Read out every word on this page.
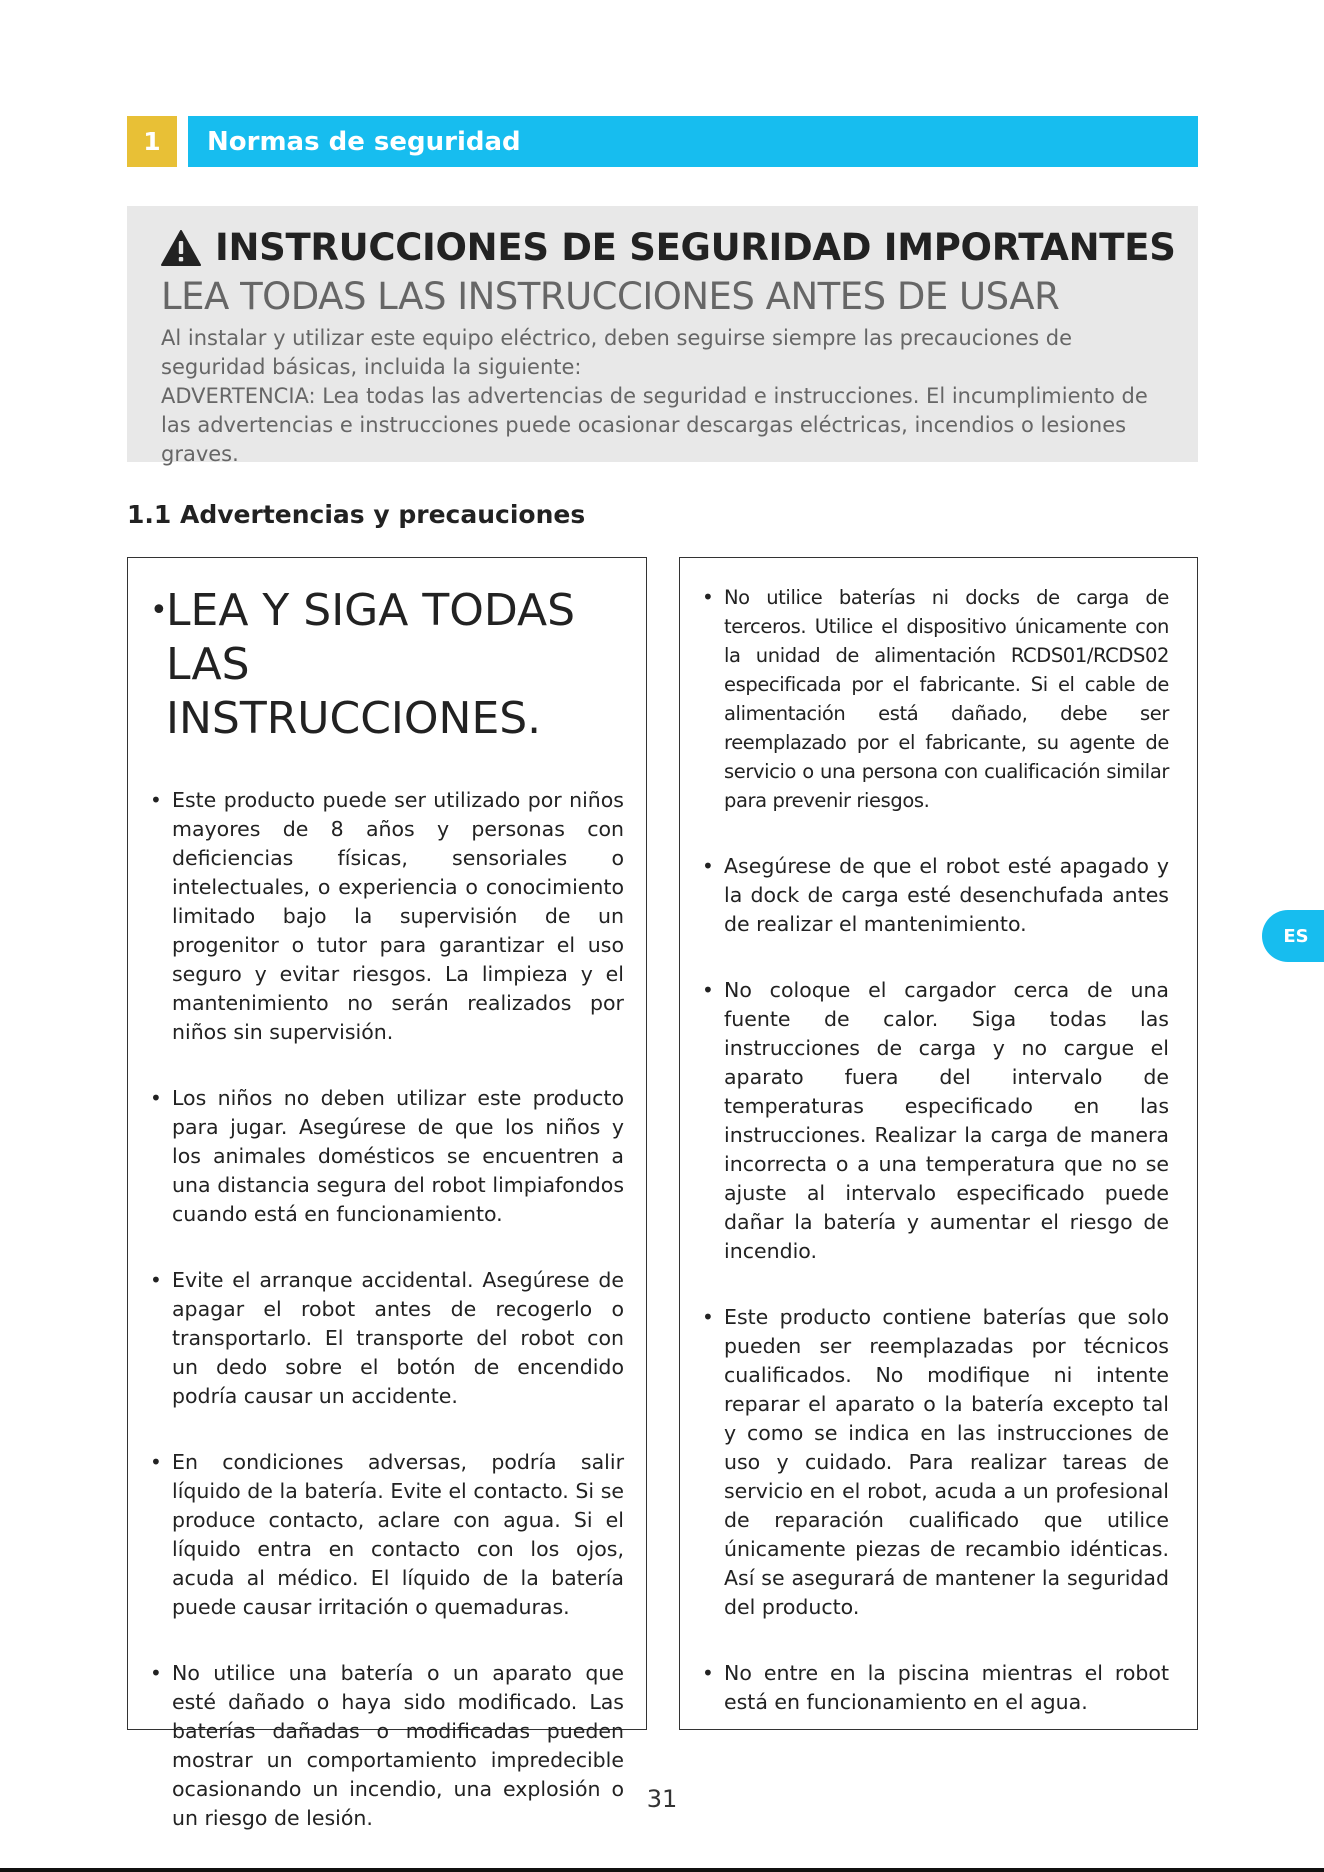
1	Normas de seguridad
INSTRUCCIONES DE SEGURIDAD IMPORTANTES
LEA TODAS LAS INSTRUCCIONES ANTES DE USAR
Al instalar y utilizar este equipo eléctrico, deben seguirse siempre las precauciones de seguridad básicas, incluida la siguiente:
ADVERTENCIA: Lea todas las advertencias de seguridad e instrucciones. El incumplimiento de las advertencias e instrucciones puede ocasionar descargas eléctricas, incendios o lesiones graves.
1.1 Advertencias y precauciones
•
LEA Y SIGA TODAS LAS INSTRUCCIONES.
• Este producto puede ser utilizado por niños mayores de 8 años y personas con deficiencias físicas, sensoriales o intelectuales, o experiencia o conocimiento limitado bajo la supervisión de un progenitor o tutor para garantizar el uso seguro y evitar riesgos. La limpieza y el mantenimiento no serán realizados por niños sin supervisión.
• Los niños no deben utilizar este producto para jugar. Asegúrese de que los niños y los animales domésticos se encuentren a una distancia segura del robot limpiafondos cuando está en funcionamiento.
• Evite el arranque accidental. Asegúrese de apagar el robot antes de recogerlo o transportarlo. El transporte del robot con un dedo sobre el botón de encendido podría causar un accidente.
• En condiciones adversas, podría salir líquido de la batería. Evite el contacto. Si se produce contacto, aclare con agua. Si el líquido entra en contacto con los ojos, acuda al médico. El líquido de la batería puede causar irritación o quemaduras.
• No utilice una batería o un aparato que esté dañado o haya sido modificado. Las baterías dañadas o modificadas pueden mostrar un comportamiento impredecible ocasionando un incendio, una explosión o un riesgo de lesión.
• No utilice baterías ni docks de carga de terceros. Utilice el dispositivo únicamente con la unidad de alimentación RCDS01/RCDS02 especificada por el fabricante. Si el cable de alimentación está dañado, debe ser reemplazado por el fabricante, su agente de servicio o una persona con cualificación similar para prevenir riesgos.
• Asegúrese de que el robot esté apagado y la dock de carga esté desenchufada antes de realizar el mantenimiento.
• No coloque el cargador cerca de una fuente de calor. Siga todas las instrucciones de carga y no cargue el aparato fuera del intervalo de temperaturas especificado en las instrucciones. Realizar la carga de manera incorrecta o a una temperatura que no se ajuste al intervalo especificado puede dañar la batería y aumentar el riesgo de incendio.
• Este producto contiene baterías que solo pueden ser reemplazadas por técnicos cualificados. No modifique ni intente reparar el aparato o la batería excepto tal y como se indica en las instrucciones de uso y cuidado. Para realizar tareas de servicio en el robot, acuda a un profesional de reparación cualificado que utilice únicamente piezas de recambio idénticas. Así se asegurará de mantener la seguridad del producto.
• No entre en la piscina mientras el robot está en funcionamiento en el agua.
ES
31
